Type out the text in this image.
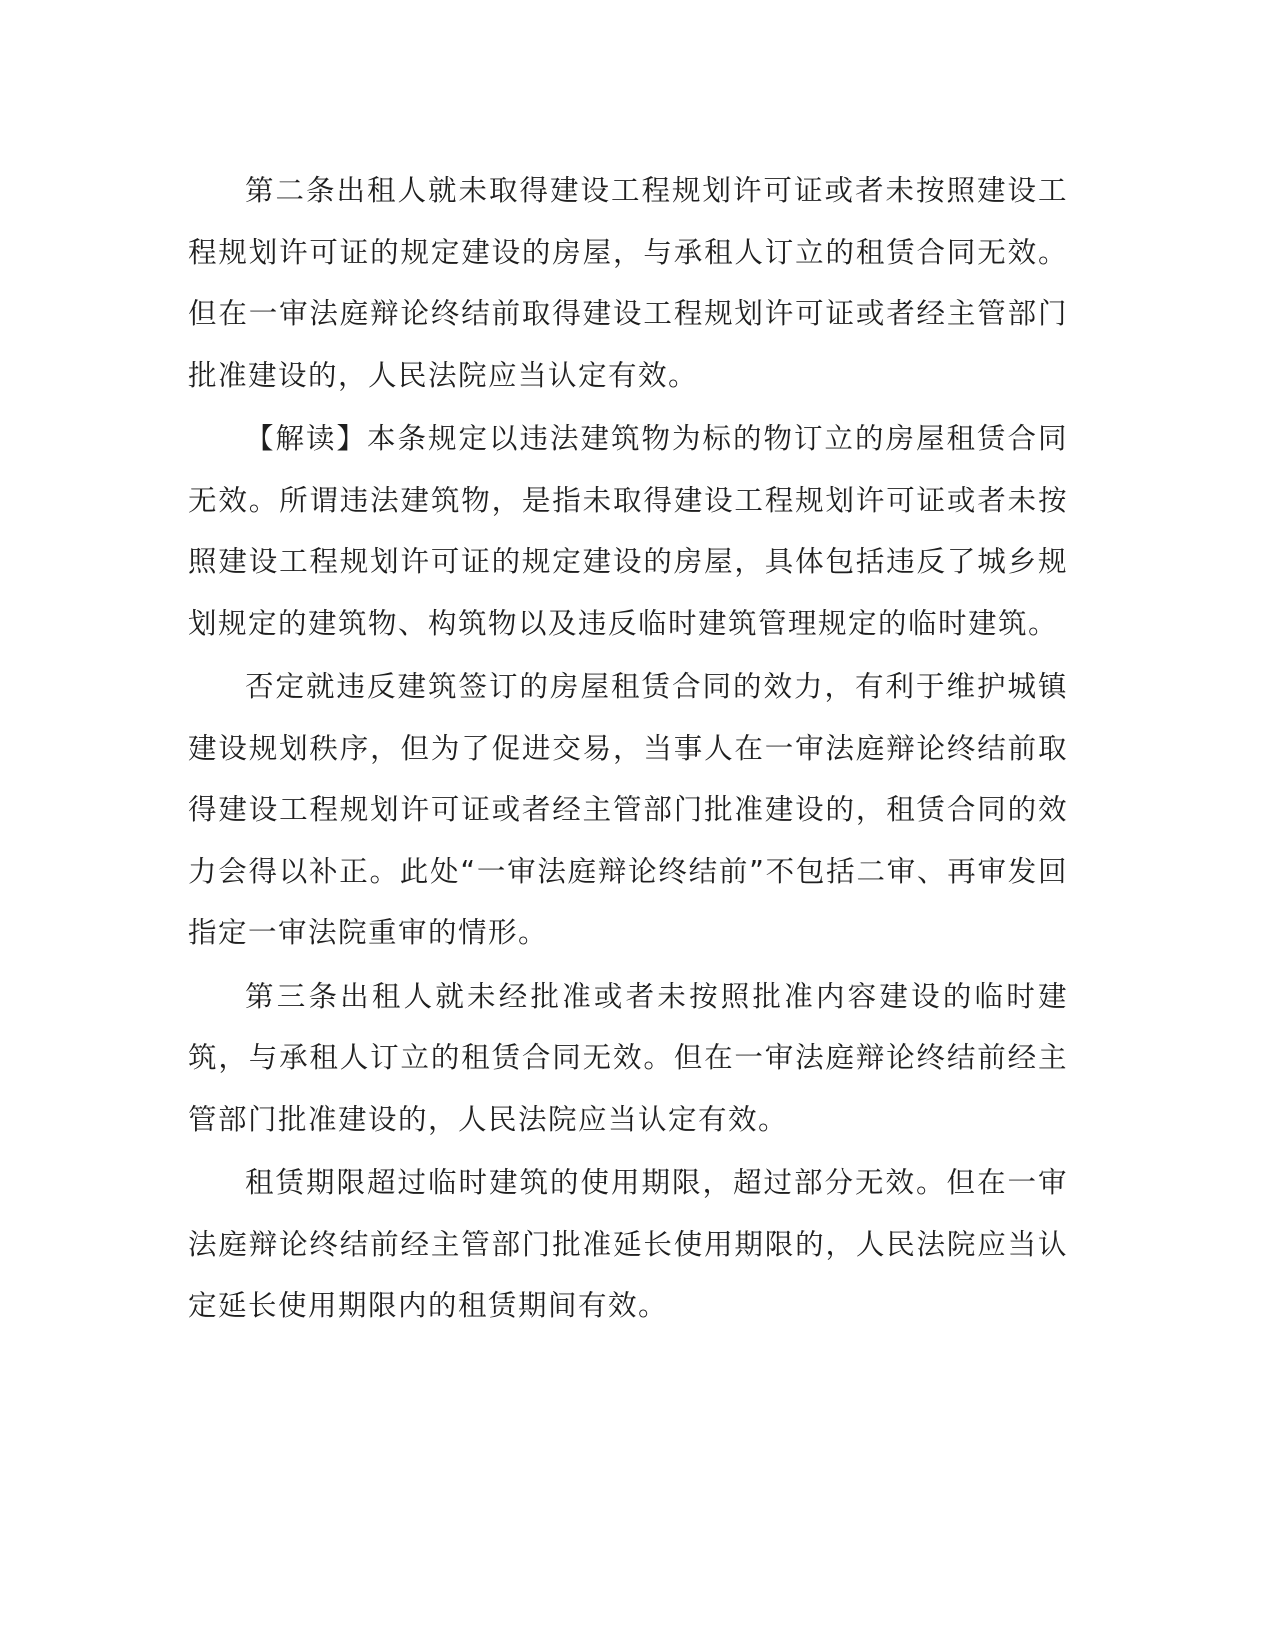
第二条出租人就未取得建设工程规划许可证或者未按照建设工程规划许可证的规定建设的房屋，与承租人订立的租赁合同无效。但在一审法庭辩论终结前取得建设工程规划许可证或者经主管部门批准建设的，人民法院应当认定有效。

【解读】本条规定以违法建筑物为标的物订立的房屋租赁合同无效。所谓违法建筑物，是指未取得建设工程规划许可证或者未按照建设工程规划许可证的规定建设的房屋，具体包括违反了城乡规划规定的建筑物、构筑物以及违反临时建筑管理规定的临时建筑。

否定就违反建筑签订的房屋租赁合同的效力，有利于维护城镇建设规划秩序，但为了促进交易，当事人在一审法庭辩论终结前取得建设工程规划许可证或者经主管部门批准建设的，租赁合同的效力会得以补正。此处“一审法庭辩论终结前”不包括二审、再审发回指定一审法院重审的情形。

第三条出租人就未经批准或者未按照批准内容建设的临时建筑，与承租人订立的租赁合同无效。但在一审法庭辩论终结前经主管部门批准建设的，人民法院应当认定有效。

租赁期限超过临时建筑的使用期限，超过部分无效。但在一审法庭辩论终结前经主管部门批准延长使用期限的，人民法院应当认定延长使用期限内的租赁期间有效。
